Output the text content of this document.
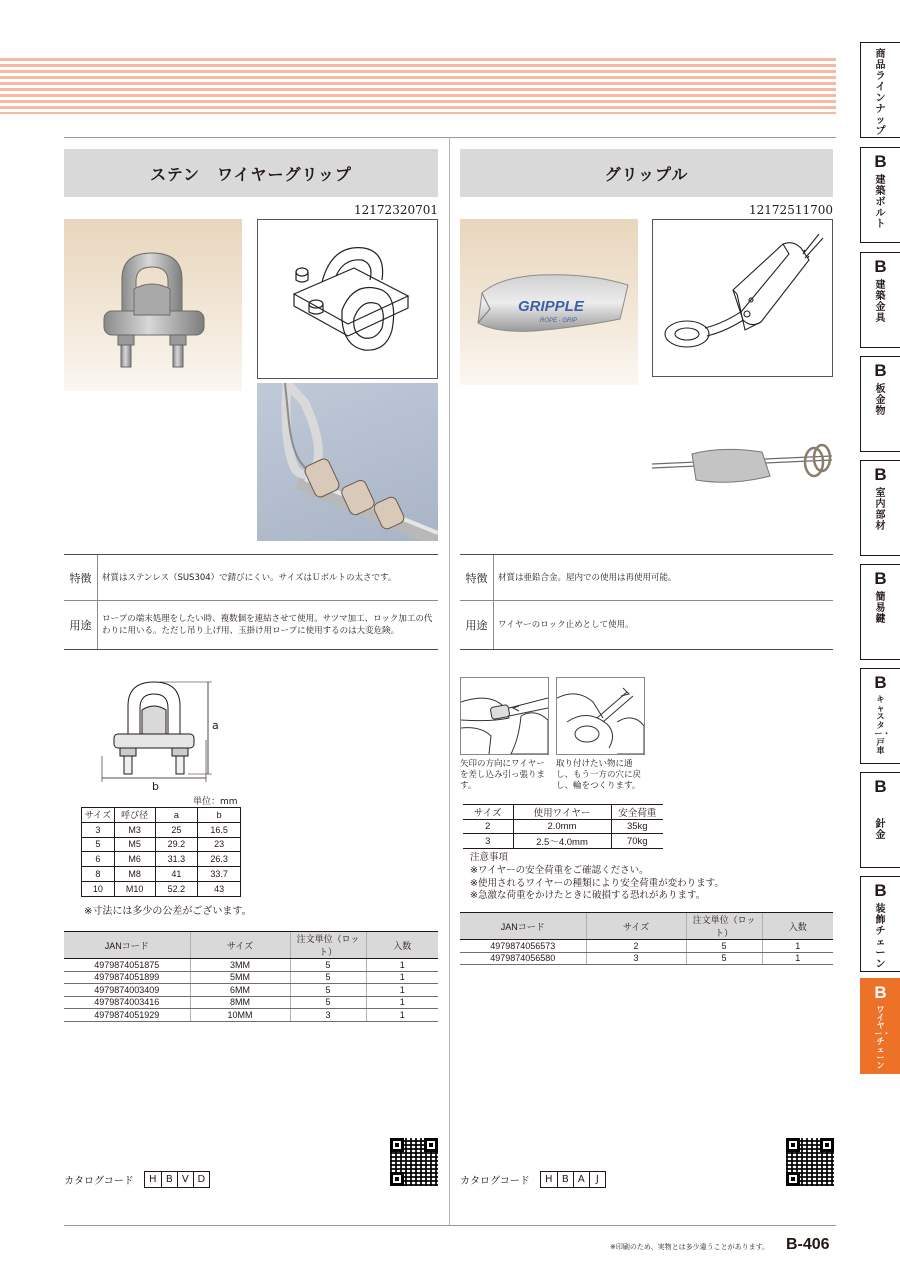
ステン　ワイヤーグリップ
12172320701
特徴	材質はステンレス（SUS304）で錆びにくい。サイズはＵボルトの太さです。
用途	ロープの端末処理をしたい時、複数個を連結させて使用。サツマ加工、ロック加工の代わりに用いる。ただし吊り上げ用、玉掛け用ロープに使用するのは大変危険。
a
b
単位：mm
サイズ	呼び径	a	b
3	M3	25	16.5
5	M5	29.2	23
6	M6	31.3	26.3
8	M8	41	33.7
10	M10	52.2	43
※寸法には多少の公差がございます。
JANコード	サイズ	注文単位（ロット）	入数
4979874051875	3MM	5	1
4979874051899	5MM	5	1
4979874003409	6MM	5	1
4979874003416	8MM	5	1
4979874051929	10MM	3	1
カタログコード	H B V D
グリップル
12172511700
GRIPPLE
ROPE · GRIP
特徴	材質は亜鉛合金。屋内での使用は再使用可能。
用途	ワイヤーのロック止めとして使用。
矢印の方向にワイヤーを差し込み引っ張ります。
取り付けたい物に通し、もう一方の穴に戻し、輪をつくります。
サイズ	使用ワイヤー	安全荷重
2	2.0mm	35kg
3	2.5〜4.0mm	70kg
注意事項
※ワイヤーの安全荷重をご確認ください。
※使用されるワイヤーの種類により安全荷重が変わります。
※急激な荷重をかけたときに破損する恐れがあります。
JANコード	サイズ	注文単位（ロット）	入数
4979874056573	2	5	1
4979874056580	3	5	1
カタログコード	H B A	J
商品ラインナップ
B
建築ボルト
B
建築金具
B
板金物
B
室内部材
B
簡易鍵
B
キャスター・戸車
B
針金
B
装飾チェーン
B
ワイヤー・チェーン
※印刷のため、実物とは多少違うことがあります。 B-406
